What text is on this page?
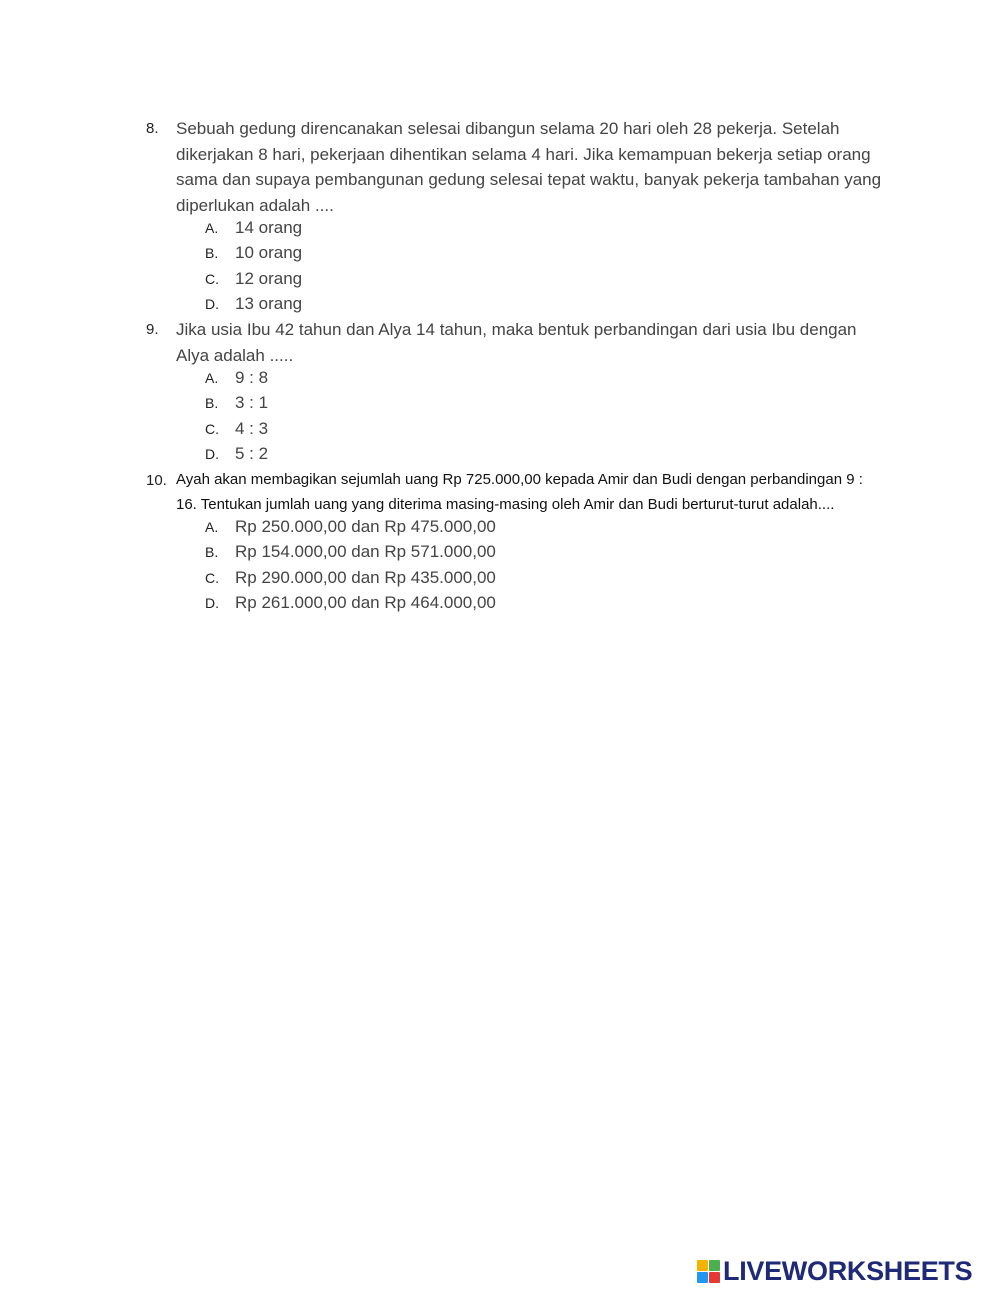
8.	Sebuah gedung direncanakan selesai dibangun selama 20 hari oleh 28 pekerja. Setelah dikerjakan 8 hari, pekerjaan dihentikan selama 4 hari. Jika kemampuan bekerja setiap orang sama dan supaya pembangunan gedung selesai tepat waktu, banyak pekerja tambahan yang diperlukan adalah ....
A. 14 orang
B. 10 orang
C. 12 orang
D. 13 orang
9.	Jika usia Ibu 42 tahun dan Alya 14 tahun, maka bentuk perbandingan dari usia Ibu dengan Alya adalah .....
A. 9 : 8
B. 3 : 1
C. 4 : 3
D. 5 : 2
10. Ayah akan membagikan sejumlah uang Rp 725.000,00 kepada Amir dan Budi dengan perbandingan 9 : 16. Tentukan jumlah uang yang diterima masing-masing oleh Amir dan Budi berturut-turut adalah....
A. Rp 250.000,00 dan Rp 475.000,00
B. Rp 154.000,00 dan Rp 571.000,00
C. Rp 290.000,00 dan Rp 435.000,00
D. Rp 261.000,00 dan Rp 464.000,00
LIVEWORKSHEETS
